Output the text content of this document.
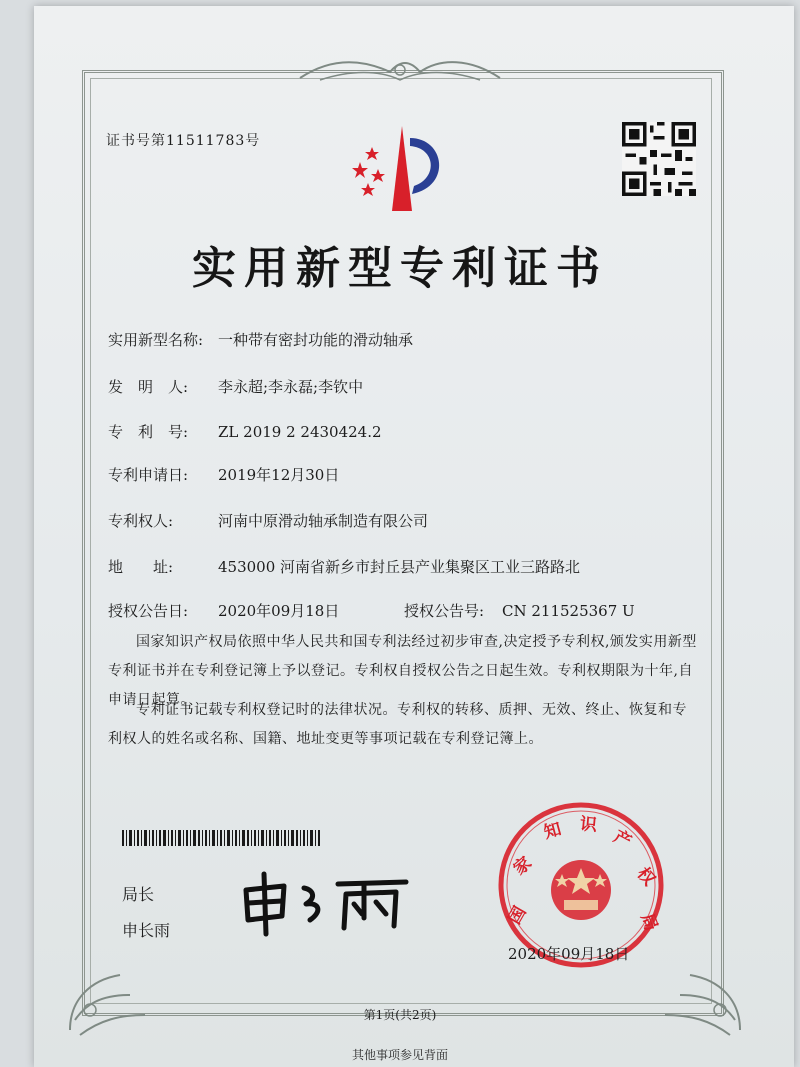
证书号第11511783号
实用新型专利证书
实用新型名称: 一种带有密封功能的滑动轴承
发　明　人: 李永超;李永磊;李钦中
专　利　号: ZL 2019 2 2430424.2
专利申请日: 2019年12月30日
专利权人:	河南中原滑动轴承制造有限公司
地　　址:	453000 河南省新乡市封丘县产业集聚区工业三路路北
授权公告日: 2020年09月18日	授权公告号: CN 211525367 U
国家知识产权局依照中华人民共和国专利法经过初步审查,决定授予专利权,颁发实用新型专利证书并在专利登记簿上予以登记。专利权自授权公告之日起生效。专利权期限为十年,自申请日起算。
专利证书记载专利权登记时的法律状况。专利权的转移、质押、无效、终止、恢复和专利权人的姓名或名称、国籍、地址变更等事项记载在专利登记簿上。
局长
申长雨
国
家
知 识
产
权
局
2020年09月18日
第1页(共2页)
其他事项参见背面
